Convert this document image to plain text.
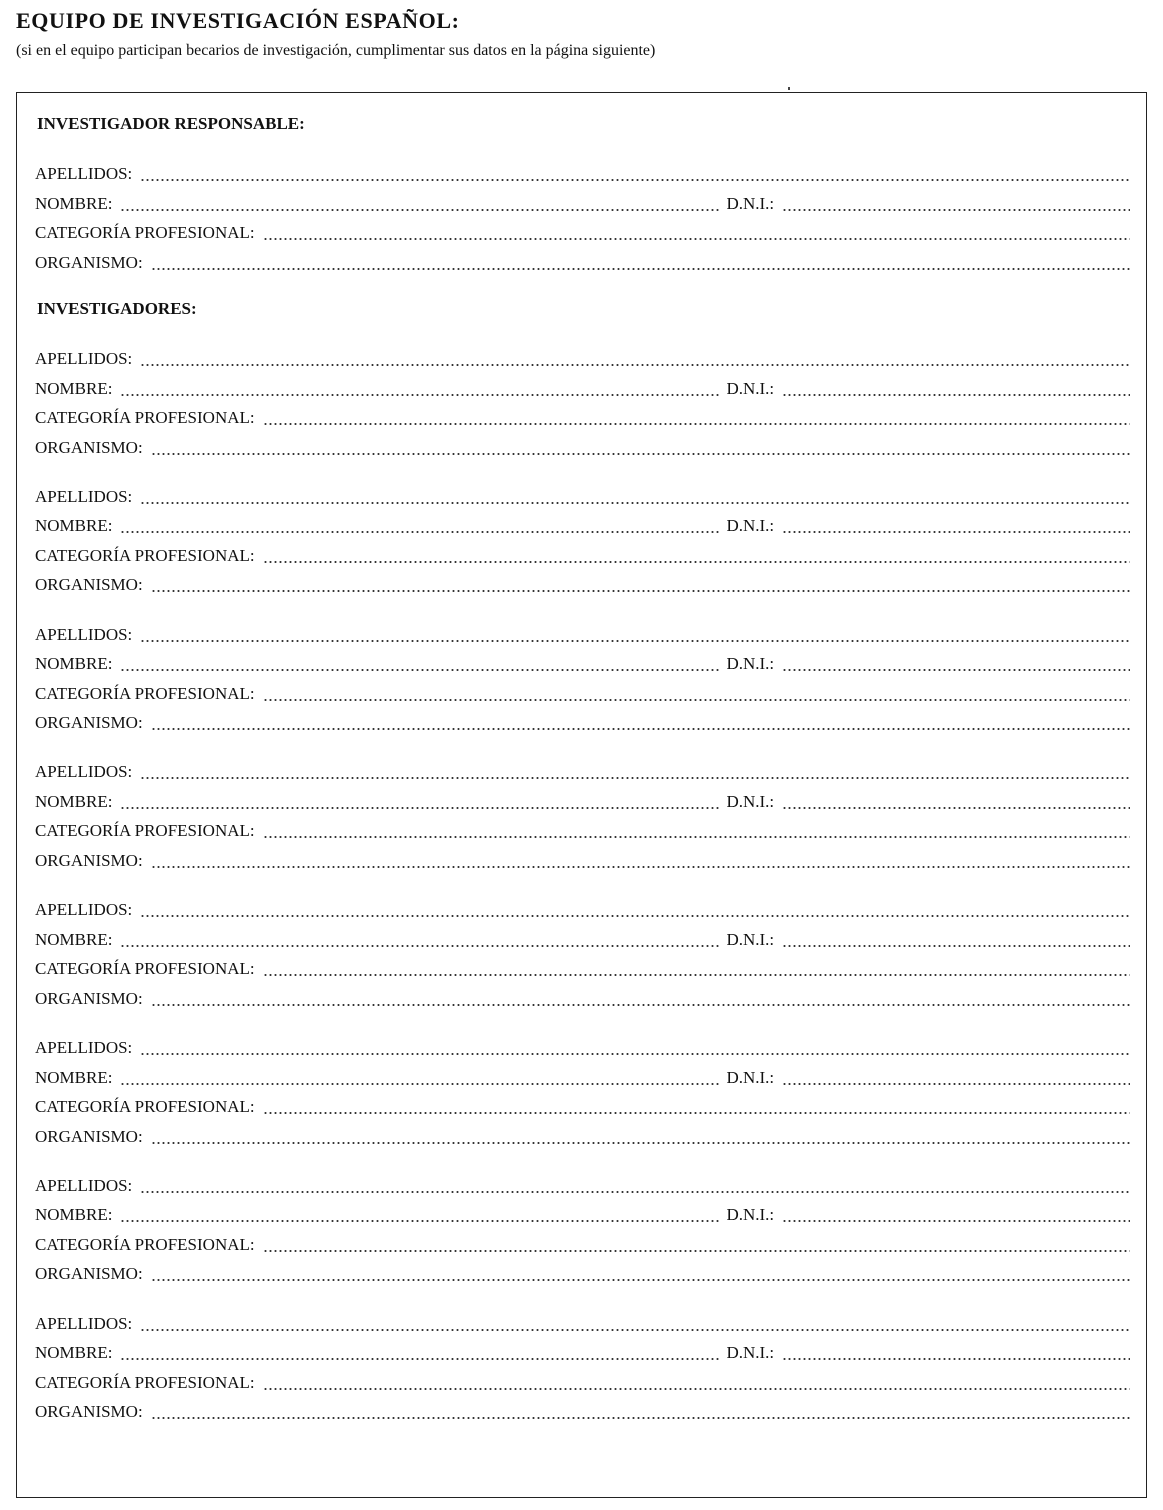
EQUIPO DE INVESTIGACIÓN ESPAÑOL:
(si en el equipo participan becarios de investigación, cumplimentar sus datos en la página siguiente)
INVESTIGADOR RESPONSABLE:
APELLIDOS:
NOMBRE:	D.N.I.:
CATEGORÍA PROFESIONAL:
ORGANISMO:
INVESTIGADORES:
APELLIDOS:
NOMBRE:	D.N.I.:
CATEGORÍA PROFESIONAL:
ORGANISMO:
APELLIDOS:
NOMBRE:	D.N.I.:
CATEGORÍA PROFESIONAL:
ORGANISMO:
APELLIDOS:
NOMBRE:	D.N.I.:
CATEGORÍA PROFESIONAL:
ORGANISMO:
APELLIDOS:
NOMBRE:	D.N.I.:
CATEGORÍA PROFESIONAL:
ORGANISMO:
APELLIDOS:
NOMBRE:	D.N.I.:
CATEGORÍA PROFESIONAL:
ORGANISMO:
APELLIDOS:
NOMBRE:	D.N.I.:
CATEGORÍA PROFESIONAL:
ORGANISMO:
APELLIDOS:
NOMBRE:	D.N.I.:
CATEGORÍA PROFESIONAL:
ORGANISMO:
APELLIDOS:
NOMBRE:	D.N.I.:
CATEGORÍA PROFESIONAL:
ORGANISMO:
